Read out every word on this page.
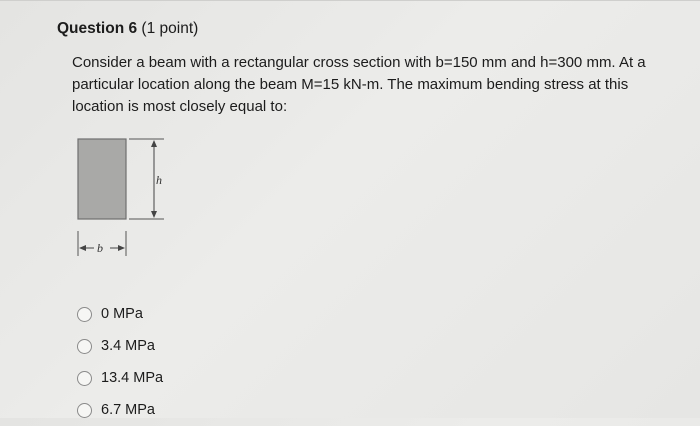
Question 6 (1 point)
Consider a beam with a rectangular cross section with b=150 mm and h=300 mm. At a particular location along the beam M=15 kN-m. The maximum bending stress at this location is most closely equal to:
h
b
0 MPa
3.4 MPa
13.4 MPa
6.7 MPa
